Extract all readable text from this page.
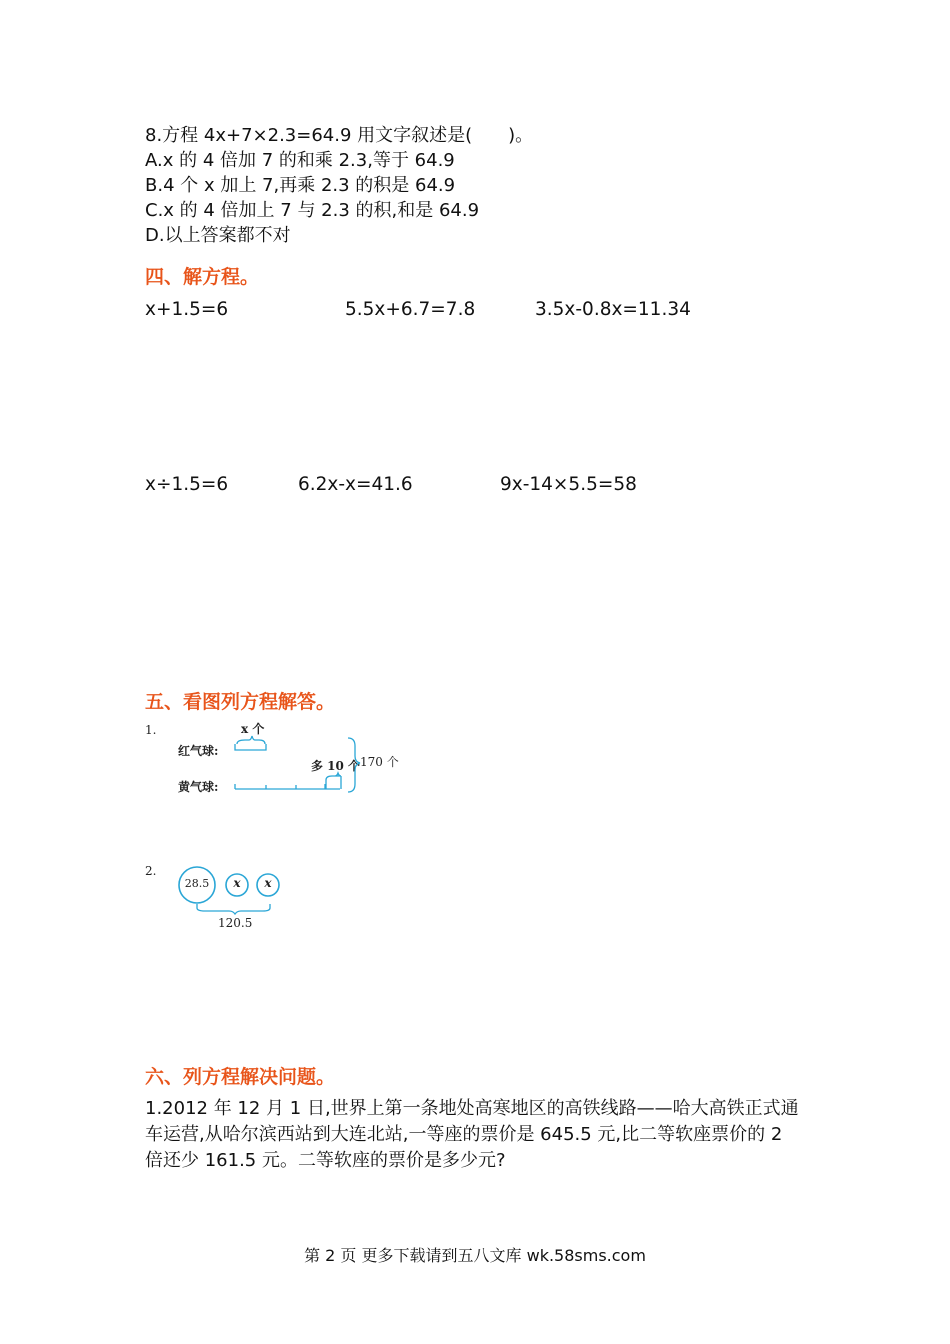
8.方程 4x+7×2.3=64.9 用文字叙述是(　　)。
A.x 的 4 倍加 7 的和乘 2.3,等于 64.9
B.4 个 x 加上 7,再乘 2.3 的积是 64.9
C.x 的 4 倍加上 7 与 2.3 的积,和是 64.9
D.以上答案都不对
四、解方程。
x+1.5=6	5.5x+6.7=7.8	3.5x-0.8x=11.34
x÷1.5=6	6.2x-x=41.6	9x-14×5.5=58
五、看图列方程解答。
1.	x 个
红气球:
黄气球:
多 10 个 170 个
2.
28.5 x x
120.5
六、列方程解决问题。
1.2012 年 12 月 1 日,世界上第一条地处高寒地区的高铁线路——哈大高铁正式通车运营,从哈尔滨西站到大连北站,一等座的票价是 645.5 元,比二等软座票价的 2 倍还少 161.5 元。二等软座的票价是多少元?
第 2 页 更多下载请到五八文库 wk.58sms.com
